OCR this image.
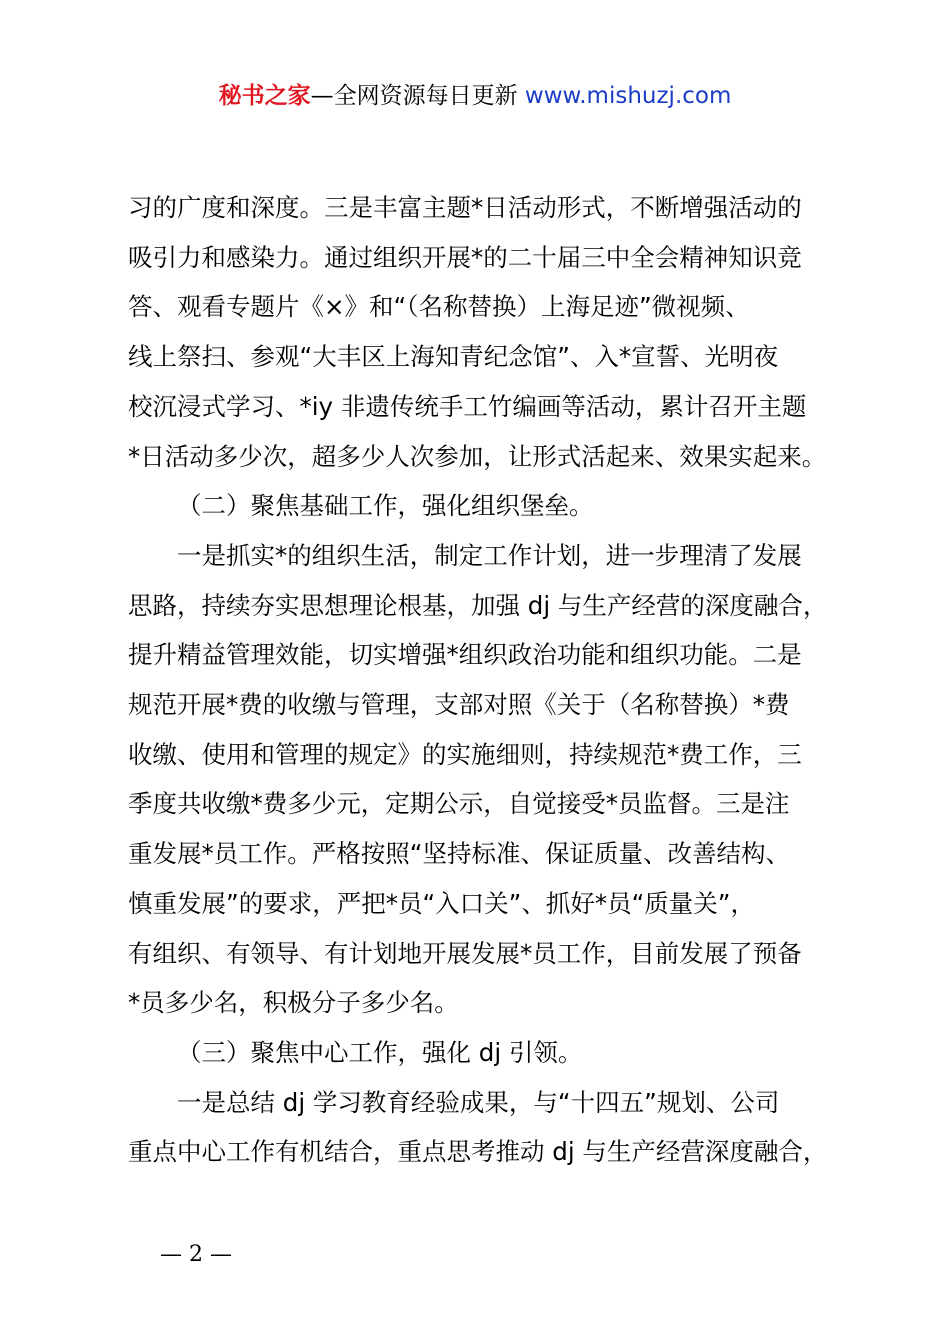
秘书之家—全网资源每日更新 www.mishuzj.com

习的广度和深度。三是丰富主题*日活动形式，不断增强活动的

吸引力和感染力。通过组织开展*的二十届三中全会精神知识竞

答、观看专题片《×》和“（名称替换）上海足迹”微视频、

线上祭扫、参观“大丰区上海知青纪念馆”、入*宣誓、光明夜

校沉浸式学习、*iy 非遗传统手工竹编画等活动，累计召开主题

*日活动多少次，超多少人次参加，让形式活起来、效果实起来。

（二）聚焦基础工作，强化组织堡垒。

一是抓实*的组织生活，制定工作计划，进一步理清了发展

思路，持续夯实思想理论根基，加强 dj 与生产经营的深度融合，

提升精益管理效能，切实增强*组织政治功能和组织功能。二是

规范开展*费的收缴与管理，支部对照《关于（名称替换）*费

收缴、使用和管理的规定》的实施细则，持续规范*费工作，三

季度共收缴*费多少元，定期公示，自觉接受*员监督。三是注

重发展*员工作。严格按照“坚持标准、保证质量、改善结构、

慎重发展”的要求，严把*员“入口关”、抓好*员“质量关”，

有组织、有领导、有计划地开展发展*员工作，目前发展了预备

*员多少名，积极分子多少名。

（三）聚焦中心工作，强化 dj 引领。

一是总结 dj 学习教育经验成果，与“十四五”规划、公司

重点中心工作有机结合，重点思考推动 dj 与生产经营深度融合，

— 2 —
